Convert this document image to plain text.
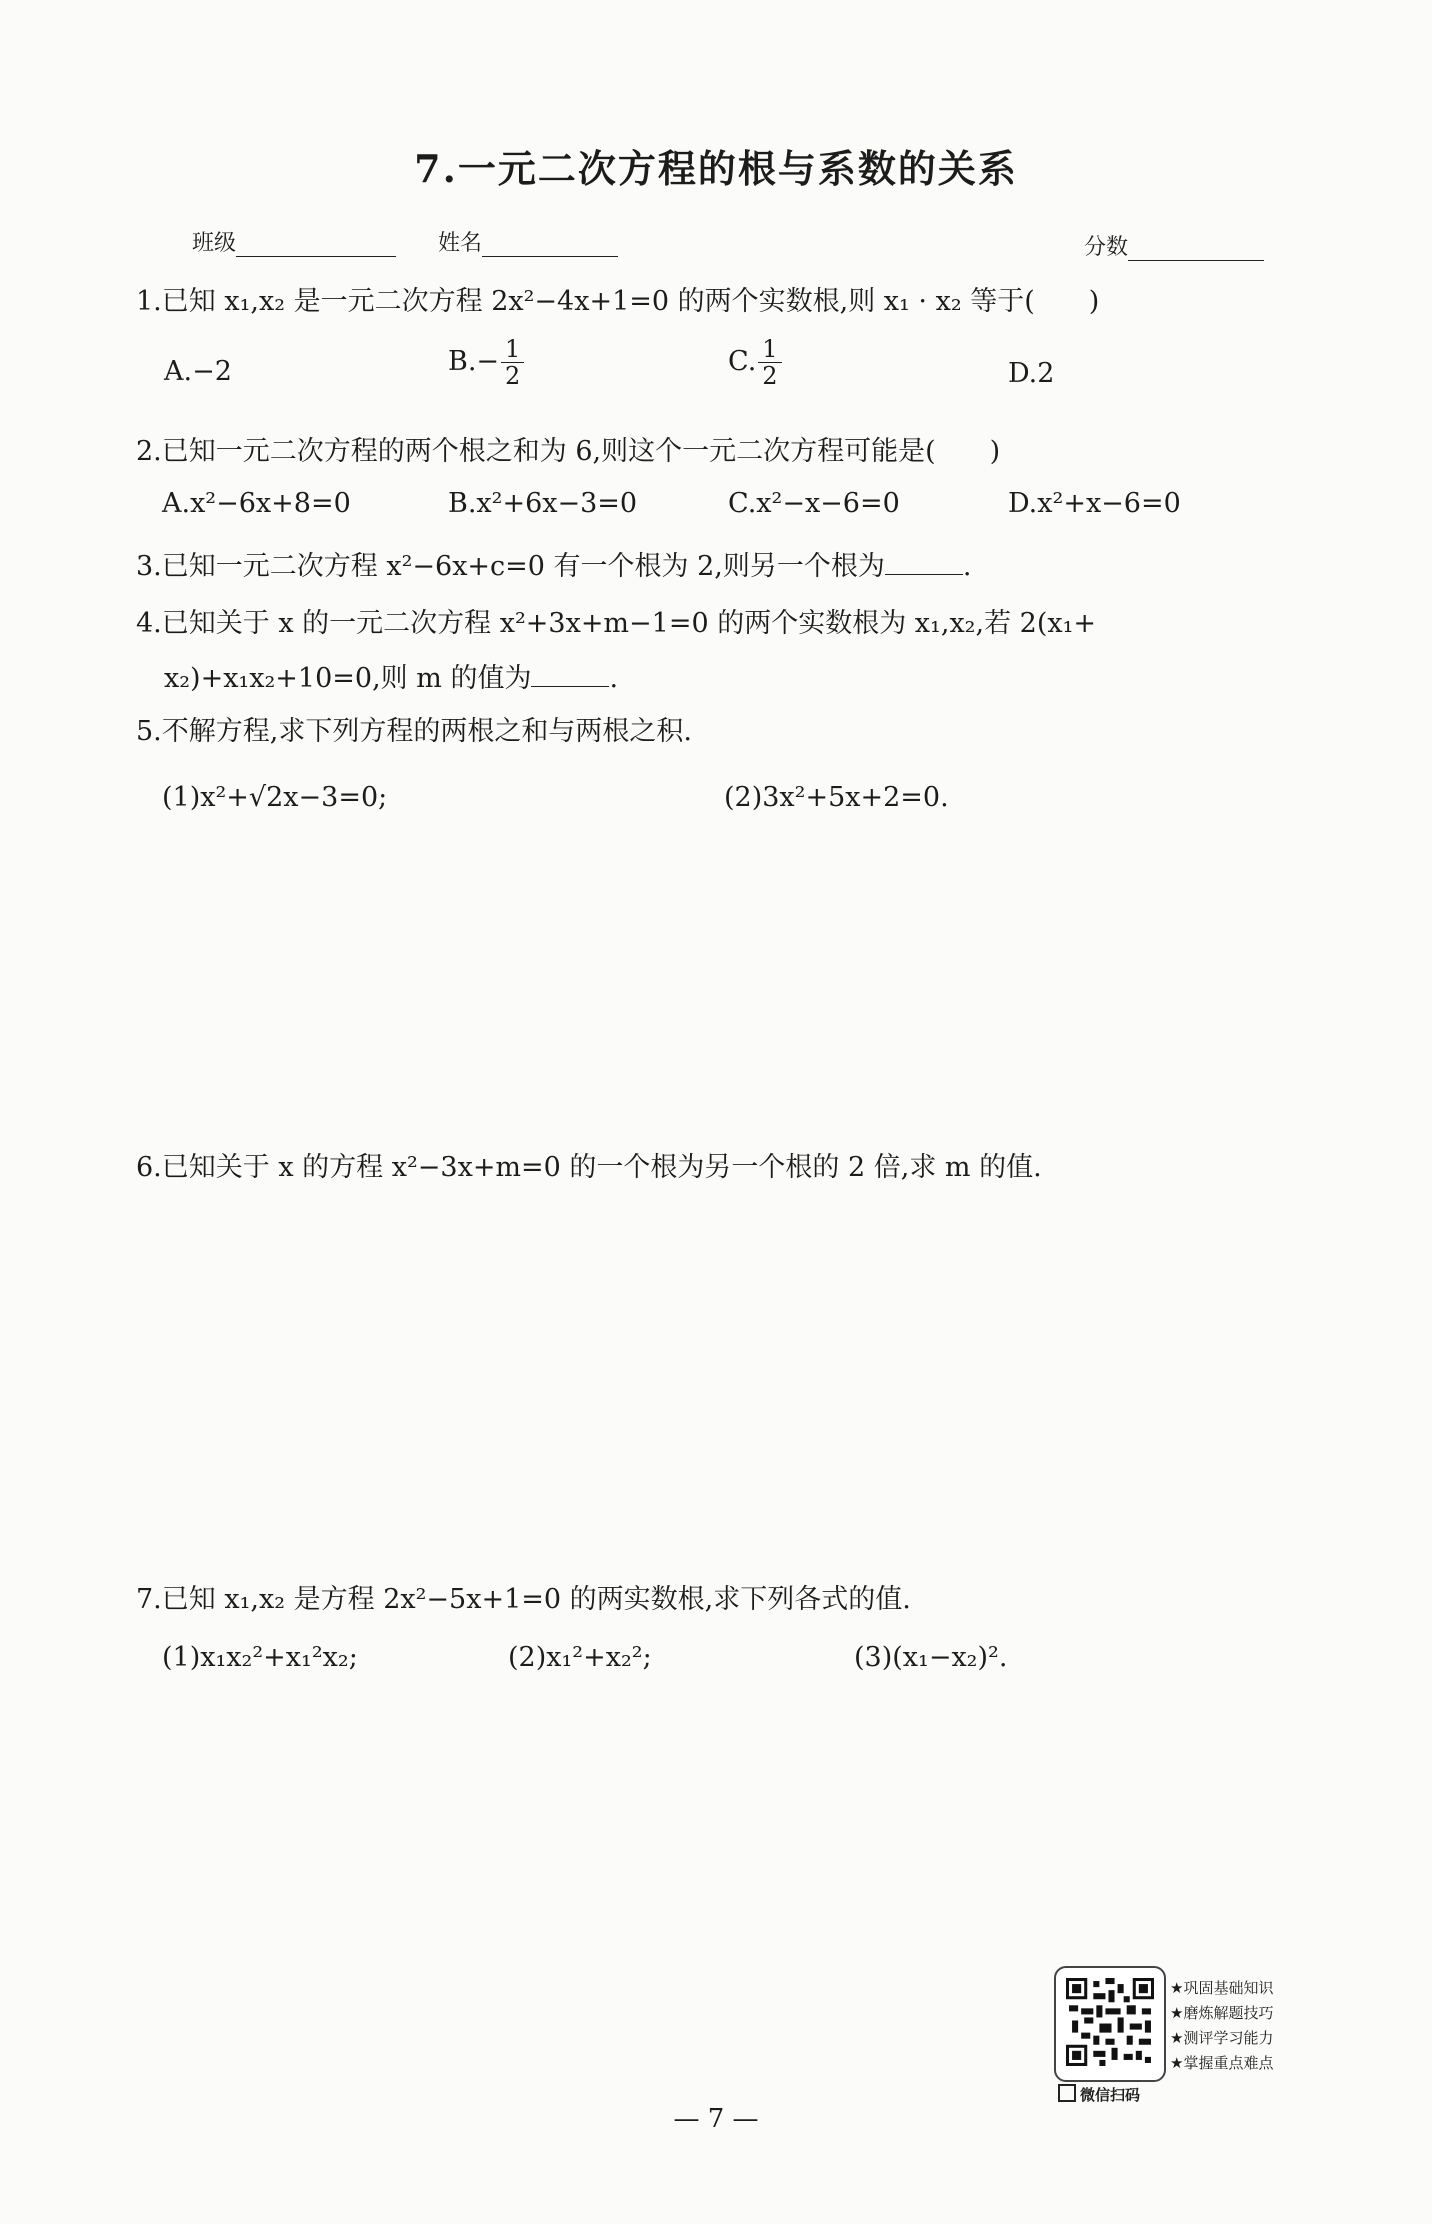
7.一元二次方程的根与系数的关系
班级	姓名	分数
1.已知 x₁,x₂ 是一元二次方程 2x²−4x+1=0 的两个实数根,则 x₁ · x₂ 等于(　　)
A.−2	$B.- \frac{1}{2}$	C. $\frac{1}{2}$	D.2
2.已知一元二次方程的两个根之和为 6,则这个一元二次方程可能是(　　)
A.x²−6x+8=0	B.x²+6x−3=0	C.x²−x−6=0	D.x²+x−6=0
3.已知一元二次方程 x²−6x+c=0 有一个根为 2,则另一个根为	.
4.已知关于 x 的一元二次方程 x²+3x+m−1=0 的两个实数根为 x₁,x₂,若 2(x₁+
x₂)+x₁x₂+10=0,则 m 的值为	.
5.不解方程,求下列方程的两根之和与两根之积.
(1)x²+√2x−3=0;	(2)3x²+5x+2=0.
6.已知关于 x 的方程 x²−3x+m=0 的一个根为另一个根的 2 倍,求 m 的值.
7.已知 x₁,x₂ 是方程 2x²−5x+1=0 的两实数根,求下列各式的值.
(1)x₁x₂²+x₁²x₂;	(2)x₁²+x₂²;	(3)(x₁−x₂)².
★巩固基础知识
★磨炼解题技巧
★测评学习能力
★掌握重点难点
微信扫码
— 7 —
